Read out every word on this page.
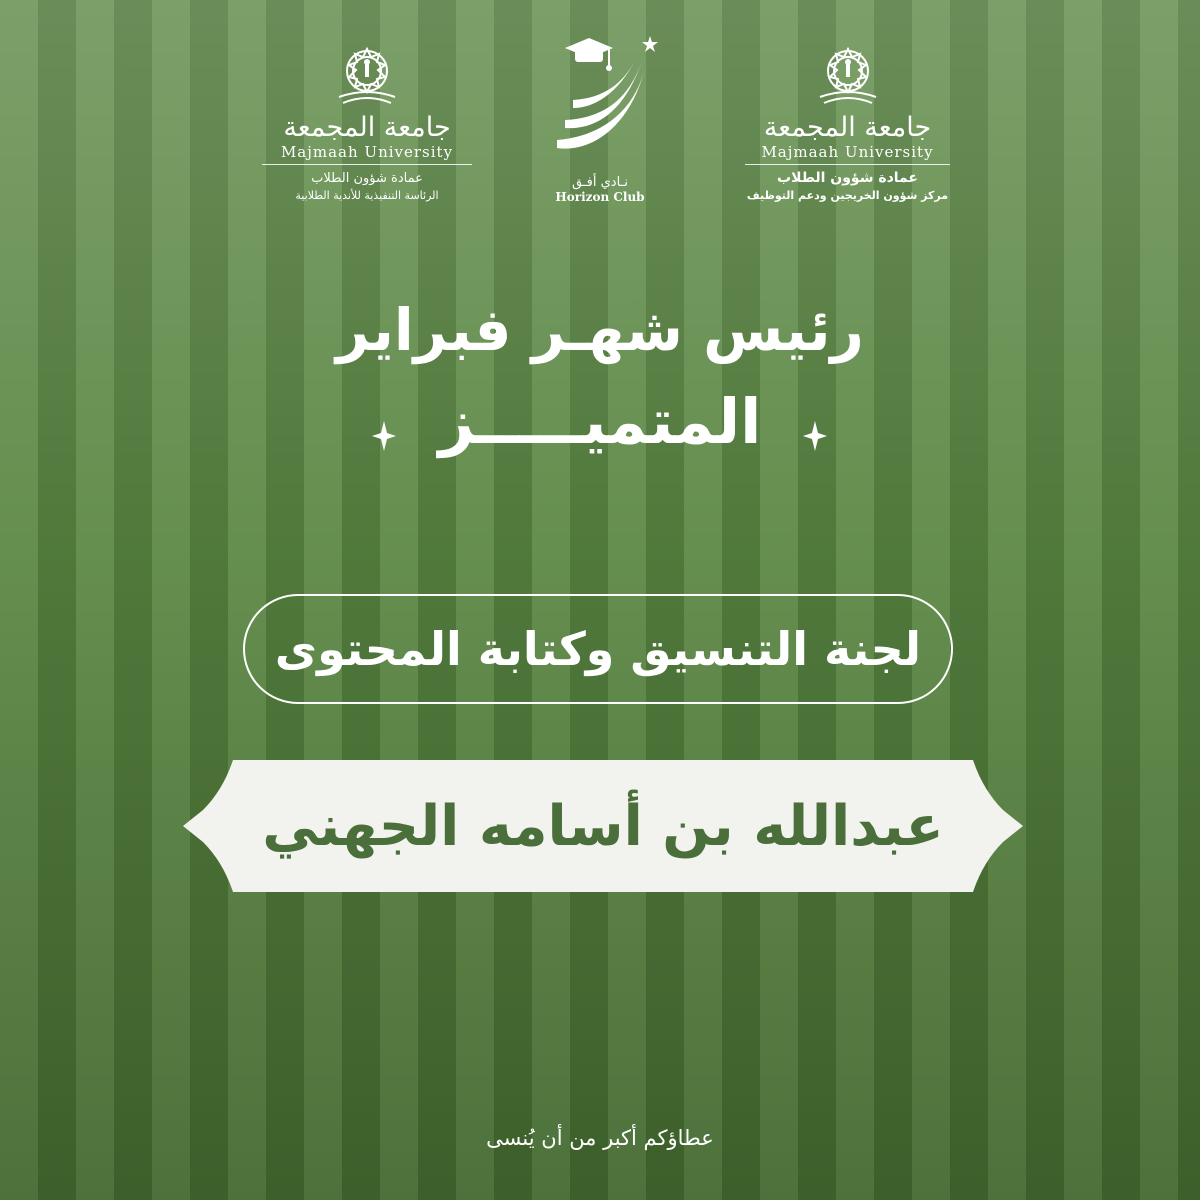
جامعة المجمعة
Majmaah University
عمادة شؤون الطلاب
مركز شؤون الخريجين ودعم التوظيف
نـادي أفـق
Horizon Club
جامعة المجمعة
Majmaah University
عمادة شؤون الطلاب
الرئاسة التنفيذية للأندية الطلابية
رئيس شهـر فبراير
المتميـــــز
لجنة التنسيق وكتابة المحتوى
عبدالله بن أسامه الجهني
عطاؤكم أكبر من أن يُنسى
